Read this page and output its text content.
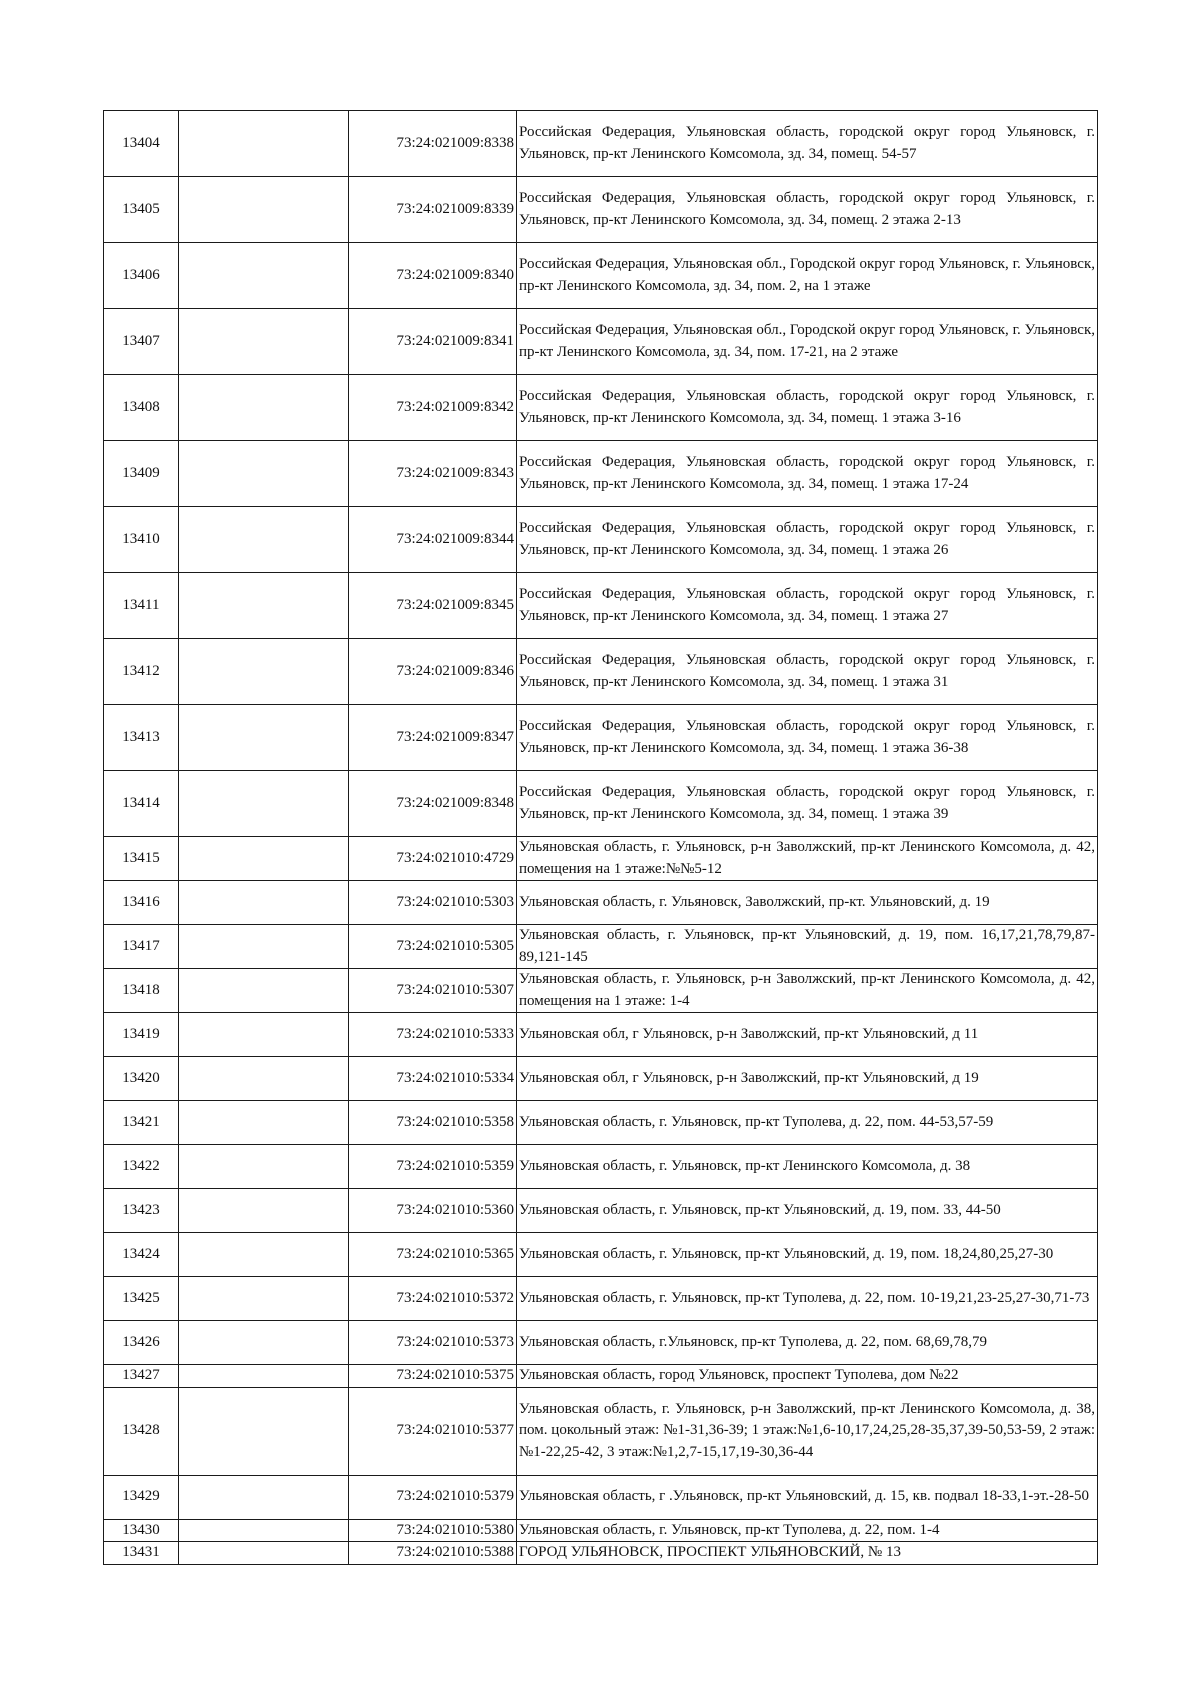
13404		73:24:021009:8338	Российская Федерация, Ульяновская область, городской округ город Ульяновск, г. Ульяновск, пр-кт Ленинского Комсомола, зд. 34, помещ. 54-57
13405		73:24:021009:8339	Российская Федерация, Ульяновская область, городской округ город Ульяновск, г. Ульяновск, пр-кт Ленинского Комсомола, зд. 34, помещ. 2 этажа 2-13
13406		73:24:021009:8340	Российская Федерация, Ульяновская обл., Городской округ город Ульяновск, г. Ульяновск, пр-кт Ленинского Комсомола, зд. 34, пом. 2, на 1 этаже
13407		73:24:021009:8341	Российская Федерация, Ульяновская обл., Городской округ город Ульяновск, г. Ульяновск, пр-кт Ленинского Комсомола, зд. 34, пом. 17-21, на 2 этаже
13408		73:24:021009:8342	Российская Федерация, Ульяновская область, городской округ город Ульяновск, г. Ульяновск, пр-кт Ленинского Комсомола, зд. 34, помещ. 1 этажа 3-16
13409		73:24:021009:8343	Российская Федерация, Ульяновская область, городской округ город Ульяновск, г. Ульяновск, пр-кт Ленинского Комсомола, зд. 34, помещ. 1 этажа 17-24
13410		73:24:021009:8344	Российская Федерация, Ульяновская область, городской округ город Ульяновск, г. Ульяновск, пр-кт Ленинского Комсомола, зд. 34, помещ. 1 этажа 26
13411		73:24:021009:8345	Российская Федерация, Ульяновская область, городской округ город Ульяновск, г. Ульяновск, пр-кт Ленинского Комсомола, зд. 34, помещ. 1 этажа 27
13412		73:24:021009:8346	Российская Федерация, Ульяновская область, городской округ город Ульяновск, г. Ульяновск, пр-кт Ленинского Комсомола, зд. 34, помещ. 1 этажа 31
13413		73:24:021009:8347	Российская Федерация, Ульяновская область, городской округ город Ульяновск, г. Ульяновск, пр-кт Ленинского Комсомола, зд. 34, помещ. 1 этажа 36-38
13414		73:24:021009:8348	Российская Федерация, Ульяновская область, городской округ город Ульяновск, г. Ульяновск, пр-кт Ленинского Комсомола, зд. 34, помещ. 1 этажа 39
13415		73:24:021010:4729	Ульяновская область, г. Ульяновск, р-н Заволжский, пр-кт Ленинского Комсомола, д. 42, помещения на 1 этаже:№№5-12
13416		73:24:021010:5303	Ульяновская область, г. Ульяновск, Заволжский, пр-кт. Ульяновский, д. 19
13417		73:24:021010:5305	Ульяновская область, г. Ульяновск, пр-кт Ульяновский, д. 19, пом. 16,17,21,78,79,87-89,121-145
13418		73:24:021010:5307	Ульяновская область, г. Ульяновск, р-н Заволжский, пр-кт Ленинского Комсомола, д. 42, помещения на 1 этаже: 1-4
13419		73:24:021010:5333	Ульяновская обл, г Ульяновск, р-н Заволжский, пр-кт Ульяновский, д 11
13420		73:24:021010:5334	Ульяновская обл, г Ульяновск, р-н Заволжский, пр-кт Ульяновский, д 19
13421		73:24:021010:5358	Ульяновская область, г. Ульяновск, пр-кт Туполева, д. 22, пом. 44-53,57-59
13422		73:24:021010:5359	Ульяновская область, г. Ульяновск, пр-кт Ленинского Комсомола, д. 38
13423		73:24:021010:5360	Ульяновская область, г. Ульяновск, пр-кт Ульяновский, д. 19, пом. 33, 44-50
13424		73:24:021010:5365	Ульяновская область, г. Ульяновск, пр-кт Ульяновский, д. 19, пом. 18,24,80,25,27-30
13425		73:24:021010:5372	Ульяновская область, г. Ульяновск, пр-кт Туполева, д. 22, пом. 10-19,21,23-25,27-30,71-73
13426		73:24:021010:5373	Ульяновская область, г.Ульяновск, пр-кт Туполева, д. 22, пом. 68,69,78,79
13427		73:24:021010:5375	Ульяновская область, город Ульяновск, проспект Туполева, дом №22
13428		73:24:021010:5377	Ульяновская область, г. Ульяновск, р-н Заволжский, пр-кт Ленинского Комсомола, д. 38, пом. цокольный этаж: №1-31,36-39; 1 этаж:№1,6-10,17,24,25,28-35,37,39-50,53-59, 2 этаж: №1-22,25-42, 3 этаж:№1,2,7-15,17,19-30,36-44
13429		73:24:021010:5379	Ульяновская область, г .Ульяновск, пр-кт Ульяновский, д. 15, кв. подвал 18-33,1-эт.-28-50
13430		73:24:021010:5380	Ульяновская область, г. Ульяновск, пр-кт Туполева, д. 22, пом. 1-4
13431		73:24:021010:5388	ГОРОД УЛЬЯНОВСК, ПРОСПЕКТ УЛЬЯНОВСКИЙ, № 13
